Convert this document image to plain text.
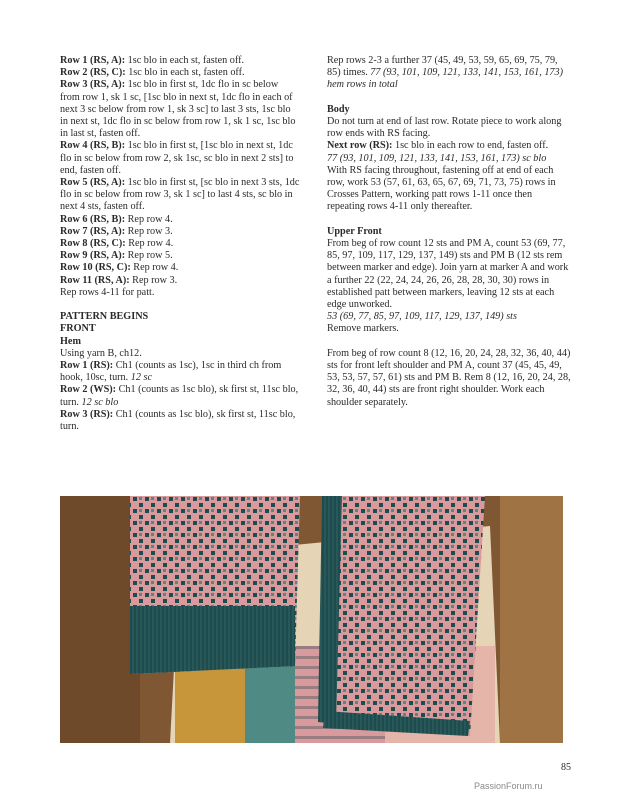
Row 1 (RS, A): 1sc blo in each st, fasten off.

Row 2 (RS, C): 1sc blo in each st, fasten off.

Row 3 (RS, A): 1sc blo in first st, 1dc flo in sc below from row 1, sk 1 sc, [1sc blo in next st, 1dc flo in each of next 3 sc below from row 1, sk 3 sc] to last 3 sts, 1sc blo in next st, 1dc flo in sc below from row 1, sk 1 sc, 1sc blo in last st, fasten off.

Row 4 (RS, B): 1sc blo in first st, [1sc blo in next st, 1dc flo in sc below from row 2, sk 1sc, sc blo in next 2 sts] to end, fasten off.

Row 5 (RS, A): 1sc blo in first st, [sc blo in next 3 sts, 1dc flo in sc below from row 3, sk 1 sc] to last 4 sts, sc blo in next 4 sts, fasten off.

Row 6 (RS, B): Rep row 4.

Row 7 (RS, A): Rep row 3.

Row 8 (RS, C): Rep row 4.

Row 9 (RS, A): Rep row 5.

Row 10 (RS, C): Rep row 4.

Row 11 (RS, A): Rep row 3.

Rep rows 4-11 for patt.

PATTERN BEGINS

FRONT

Hem

Using yarn B, ch12.

Row 1 (RS): Ch1 (counts as 1sc), 1sc in third ch from hook, 10sc, turn. 12 sc

Row 2 (WS): Ch1 (counts as 1sc blo), sk first st, 11sc blo, turn. 12 sc blo

Row 3 (RS): Ch1 (counts as 1sc blo), sk first st, 11sc blo, turn.

Rep rows 2-3 a further 37 (45, 49, 53, 59, 65, 69, 75, 79, 85) times. 77 (93, 101, 109, 121, 133, 141, 153, 161, 173) hem rows in total

Body

Do not turn at end of last row. Rotate piece to work along row ends with RS facing.

Next row (RS): 1sc blo in each row to end, fasten off.

77 (93, 101, 109, 121, 133, 141, 153, 161, 173) sc blo

With RS facing throughout, fastening off at end of each row, work 53 (57, 61, 63, 65, 67, 69, 71, 73, 75) rows in Crosses Pattern, working patt rows 1-11 once then repeating rows 4-11 only thereafter.

Upper Front

From beg of row count 12 sts and PM A, count 53 (69, 77, 85, 97, 109, 117, 129, 137, 149) sts and PM B (12 sts rem between marker and edge). Join yarn at marker A and work a further 22 (22, 24, 24, 26, 26, 28, 28, 30, 30) rows in established patt between markers, leaving 12 sts at each edge unworked.

53 (69, 77, 85, 97, 109, 117, 129, 137, 149) sts

Remove markers.

From beg of row count 8 (12, 16, 20, 24, 28, 32, 36, 40, 44) sts for front left shoulder and PM A, count 37 (45, 45, 49, 53, 53, 57, 57, 61) sts and PM B. Rem 8 (12, 16, 20, 24, 28, 32, 36, 40, 44) sts are front right shoulder. Work each shoulder separately.

85
PassionForum.ru
